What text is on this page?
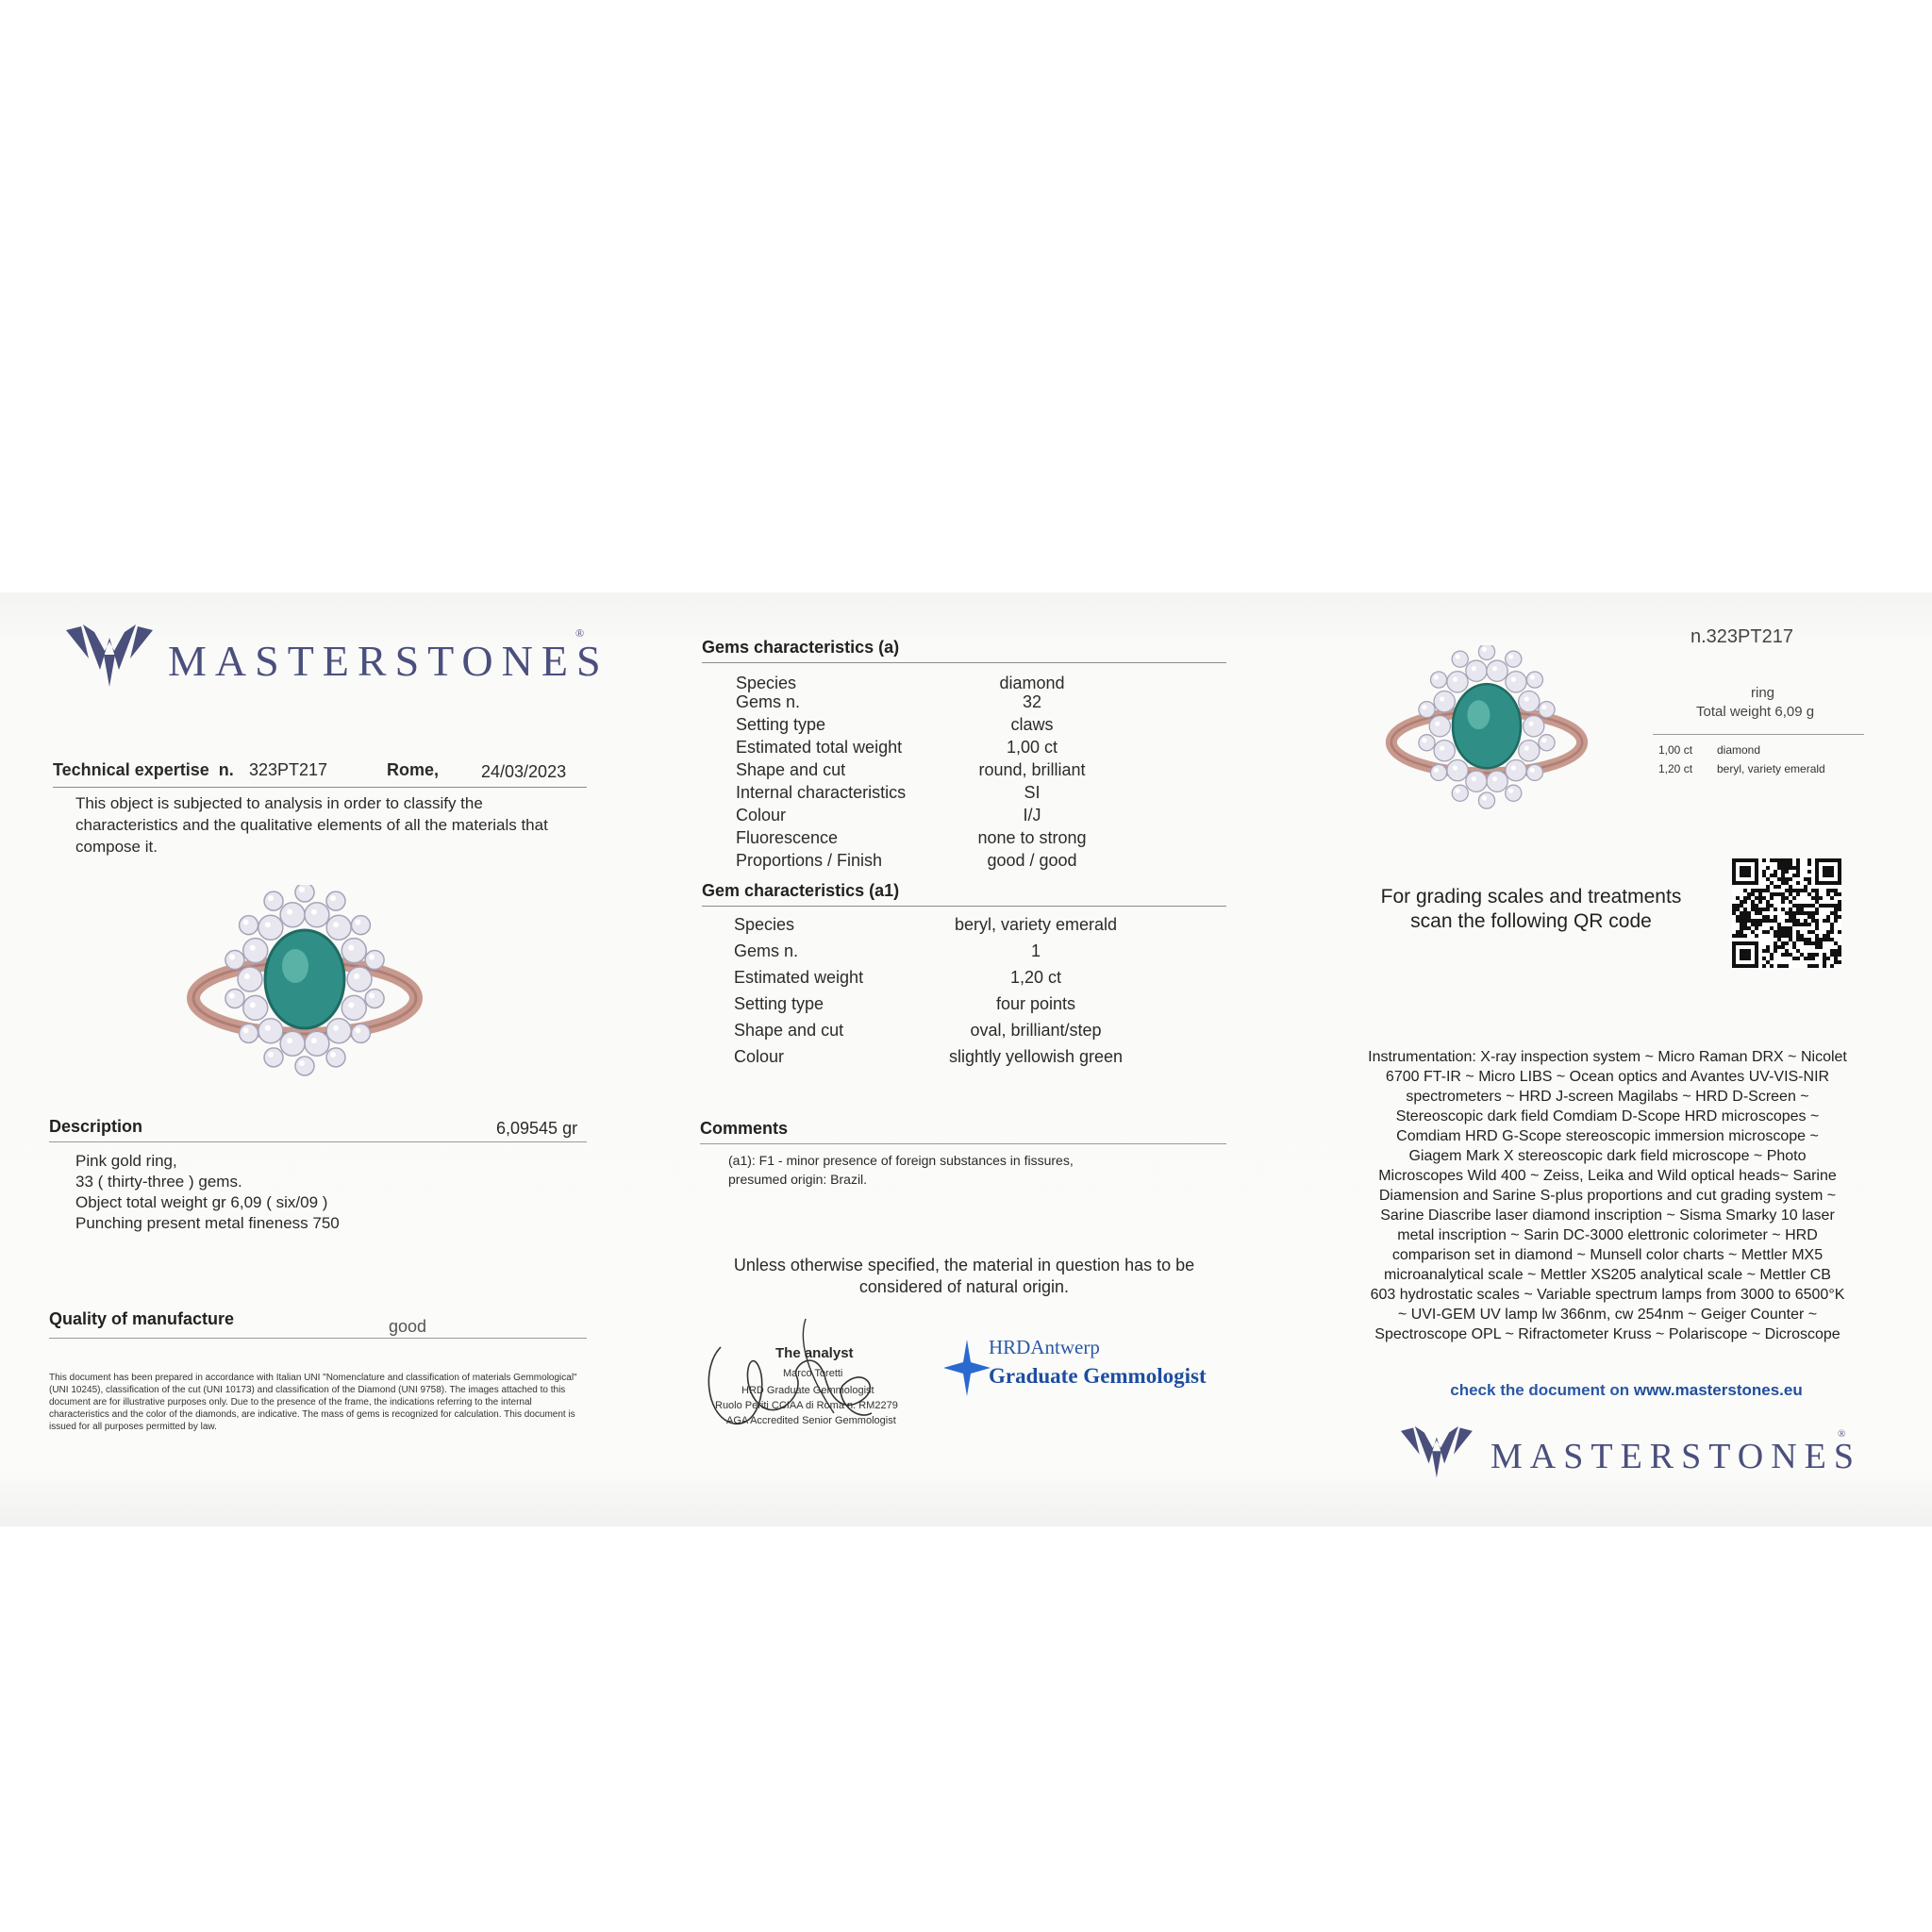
MASTERSTONES
®
Technical expertise  n. 323PT217	Rome, 24/03/2023
This object is subjected to analysis in order to classify the characteristics and the qualitative elements of all the materials that compose it.
Description	6,09545 gr
Pink gold ring,
33 ( thirty-three ) gems.
Object total weight gr 6,09 ( six/09 )
Punching present metal fineness 750
Quality of manufacture	good
This document has been prepared in accordance with Italian UNI "Nomenclature and classification of materials Gemmological" (UNI 10245), classification of the cut (UNI 10173) and classification of the Diamond (UNI 9758). The images attached to this document are for illustrative purposes only. Due to the presence of the frame, the indications referring to the internal characteristics and the color of the diamonds, are indicative. The mass of gems is recognized for calculation. This document is issued for all purposes permitted by law.
Gems characteristics (a)
Species	diamond
Gems n.	32
Setting type	claws
Estimated total weight	1,00 ct
Shape and cut	round, brilliant
Internal characteristics	SI
Colour	I/J
Fluorescence	none to strong
Proportions / Finish	good / good
Gem characteristics (a1)
Species	beryl, variety emerald
Gems n.	1
Estimated weight	1,20 ct
Setting type	four points
Shape and cut	oval, brilliant/step
Colour	slightly yellowish green
Comments
(a1): F1 - minor presence of foreign substances in fissures,
presumed origin: Brazil.
Unless otherwise specified, the material in question has to be
considered of natural origin.
The analyst
Marco Toretti
HRD Graduate Gemmologist
Ruolo Periti CCIAA di Roma n. RM2279
AGA Accredited Senior Gemmologist
HRDAntwerp
Graduate Gemmologist
n.323PT217
ring
Total weight 6,09 g
1,00 ct diamond
1,20 ct beryl, variety emerald
For grading scales and treatments
scan the following QR code
Instrumentation: X-ray inspection system ~ Micro Raman DRX ~ Nicolet
6700 FT-IR ~ Micro LIBS ~ Ocean optics and Avantes UV-VIS-NIR
spectrometers ~ HRD J-screen Magilabs ~ HRD D-Screen ~
Stereoscopic dark field Comdiam D-Scope HRD microscopes ~
Comdiam HRD G-Scope stereoscopic immersion microscope ~
Giagem Mark X stereoscopic dark field microscope ~ Photo
Microscopes Wild 400 ~ Zeiss, Leika and Wild optical heads~ Sarine
Diamension and Sarine S-plus proportions and cut grading system ~
Sarine Diascribe laser diamond inscription ~ Sisma Smarky 10 laser
metal inscription ~ Sarin DC-3000 elettronic colorimeter ~ HRD
comparison set in diamond ~ Munsell color charts ~ Mettler MX5
microanalytical scale ~ Mettler XS205 analytical scale ~ Mettler CB
603 hydrostatic scales ~ Variable spectrum lamps from 3000 to 6500°K
~ UVI-GEM UV lamp lw 366nm, cw 254nm ~ Geiger Counter ~
Spectroscope OPL ~ Rifractometer Kruss ~ Polariscope ~ Dicroscope
check the document on www.masterstones.eu
MASTERSTONES
®
